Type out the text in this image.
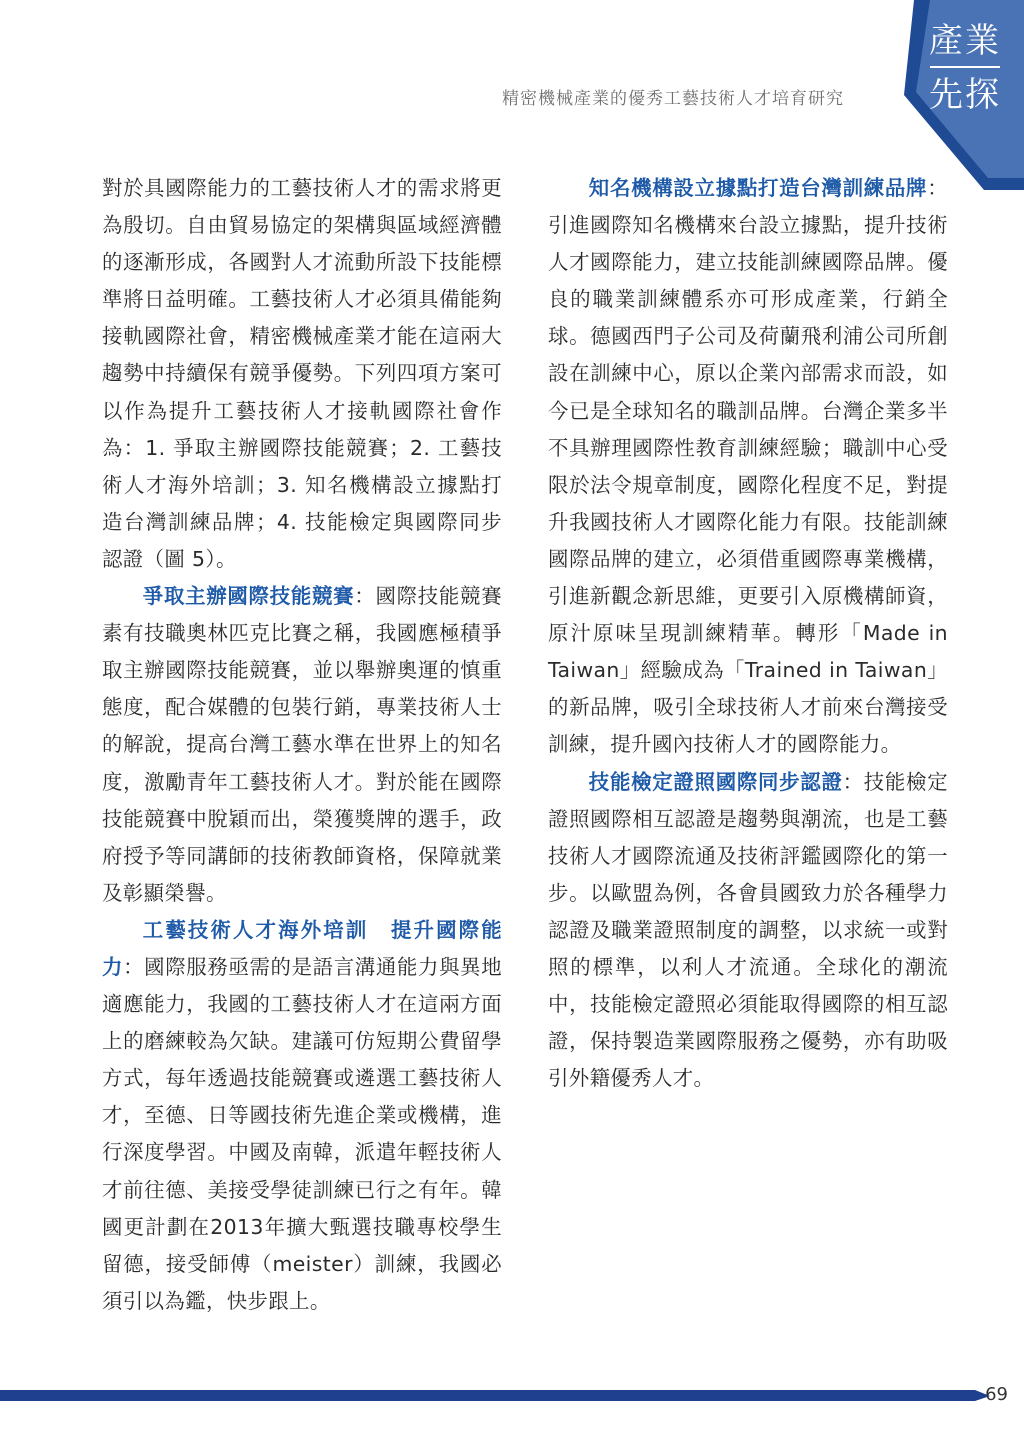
精密機械產業的優秀工藝技術人才培育研究
產業
先探

對於具國際能力的工藝技術人才的需求將更為殷切。自由貿易協定的架構與區域經濟體的逐漸形成，各國對人才流動所設下技能標準將日益明確。工藝技術人才必須具備能夠接軌國際社會，精密機械產業才能在這兩大趨勢中持續保有競爭優勢。下列四項方案可以作為提升工藝技術人才接軌國際社會作為：1. 爭取主辦國際技能競賽；2. 工藝技術人才海外培訓；3. 知名機構設立據點打造台灣訓練品牌；4. 技能檢定與國際同步認證（圖 5）。

爭取主辦國際技能競賽：國際技能競賽素有技職奧林匹克比賽之稱，我國應極積爭取主辦國際技能競賽，並以舉辦奧運的慎重態度，配合媒體的包裝行銷，專業技術人士的解說，提高台灣工藝水準在世界上的知名度，激勵青年工藝技術人才。對於能在國際技能競賽中脫穎而出，榮獲獎牌的選手，政府授予等同講師的技術教師資格，保障就業及彰顯榮譽。

工藝技術人才海外培訓　提升國際能力：國際服務亟需的是語言溝通能力與異地適應能力，我國的工藝技術人才在這兩方面上的磨練較為欠缺。建議可仿短期公費留學方式，每年透過技能競賽或遴選工藝技術人才，至德、日等國技術先進企業或機構，進行深度學習。中國及南韓，派遣年輕技術人才前往德、美接受學徒訓練已行之有年。韓國更計劃在2013年擴大甄選技職專校學生留德，接受師傅（meister）訓練，我國必須引以為鑑，快步跟上。

知名機構設立據點打造台灣訓練品牌：引進國際知名機構來台設立據點，提升技術人才國際能力，建立技能訓練國際品牌。優良的職業訓練體系亦可形成產業，行銷全球。德國西門子公司及荷蘭飛利浦公司所創設在訓練中心，原以企業內部需求而設，如今已是全球知名的職訓品牌。台灣企業多半不具辦理國際性教育訓練經驗；職訓中心受限於法令規章制度，國際化程度不足，對提升我國技術人才國際化能力有限。技能訓練國際品牌的建立，必須借重國際專業機構，引進新觀念新思維，更要引入原機構師資，原汁原味呈現訓練精華。轉形「Made in Taiwan」經驗成為「Trained in Taiwan」的新品牌，吸引全球技術人才前來台灣接受訓練，提升國內技術人才的國際能力。

技能檢定證照國際同步認證：技能檢定證照國際相互認證是趨勢與潮流，也是工藝技術人才國際流通及技術評鑑國際化的第一步。以歐盟為例，各會員國致力於各種學力認證及職業證照制度的調整，以求統一或對照的標準，以利人才流通。全球化的潮流中，技能檢定證照必須能取得國際的相互認證，保持製造業國際服務之優勢，亦有助吸引外籍優秀人才。

69
